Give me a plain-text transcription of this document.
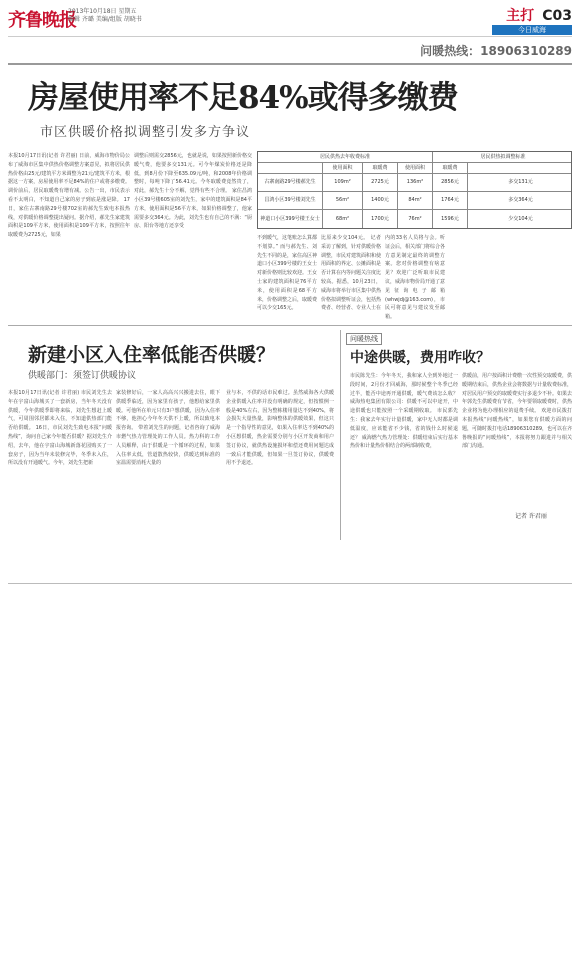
齐鲁晚报
2013年10月18日 星期五
编辑 齐璐 美编/组版 胡晓书	主打 C03
今日威海
问暖热线：18906310289
房屋使用率不足84%或得多缴费
市区供暖价格拟调整引发多方争议
本报10月17日讯(记者 许君丽) 日前，威海市物价局公布了威海市区集中供热价格调整方案意见，拟将居民供热价格由25元/建筑平方米调整为21元/建筑平方米，根据这一方案，房屋使用率不足84%的住户或将多缴费。调价前后，居民取暖费有增有减。公告一出，市民表示看不太明白，不知道自己家的房子到底是涨是降。 17日，家住古寨南路29号楼702室的郝先生致电本报热线，对供暖价格调整提出疑问。据介绍，郝先生家建筑面积是109平方米，使用面积是109平方米，按照往年取暖费为2725元，如果
调整后则需交2856元，也就是说，如果按照新价格交暖气费，他要多交131元。可今年煤炭价格还是降低，到8月份下降至635.09元/吨，和2008年价格调整时，每吨下降了56.41元。今冬取暖费竟然贵了，对此，郝先生十分不解，觉得有些不合理。 家住昌鸿小区39号楼605室的刘先生，家中的建筑面积是84平方米，使用面积是56平方米，如果价格调整了，他家需要多交364元。为此，刘先生也有自己的不满：“厨房、阳台等地方还享受
不到暖气，这笔账怎么算都不划算。” 而与郝先生、刘先生不同的是，家住高区神道口小区399号楼的王女士对新价格则比较欢迎。王女士家的建筑面积是76平方米，使用面积是68平方米，价格调整之后，取暖费可以少交165元。
比原来少交104元。 记者采访了解到，针对供暖价格调整，市民对建筑面积和使用面积的界定、公摊面积是否计算在内等问题关注度比较高。据悉，10月23日，威海市将举行市区集中供热价格拟调整听证会，包括热费者、经营者、专业人士在
内的33名人员将与会。听证会后，相关部门将综合各方意见制定最终的调整方案。您对价格调整有啥意见？欢迎广泛听取市民建议，威海市物价局开通了意见征询电子邮箱(whwjdj@163.com)，市民可将意见与建议发至邮箱。
居民供热去年收费标准	居民供热拟调整标准
使用面积	取暖费	使用面积	取暖费
古寨南路29号楼郝先生	109m²	2725元	136m²	2856元	多交131元
昌鸿小区39号楼刘先生	56m²	1400元	84m²	1764元	多交364元
神道口小区399号楼王女士	68m²	1700元	76m²	1596元	少交104元
新建小区入住率低能否供暖？
供暖部门：须签订供暖协议
本报10月17日讯(记者 许君丽) 市民刘先生去年在宇富山海城买了一套新房，当年冬天没有供暖，今年供暖季即将来临，刘先生想赶上暖气，可周围邻居都未入住，不知道供热部门能否给供暖。 16日，市民刘先生致电本报“问暖热线”，询问自己家今年能否供暖？据刘先生介绍，去年，他在宇富山海城新落花园购买了一套房子，因为当年未装修完毕，冬季未入住，所以没有开通暖气。今年，刘先生把新
家装修好后，一家人高高兴兴搬进去住，眼下供暖季临近，因为家里有孩子，他想给家里供暖。可他所在单元只有3户想供暖，因为入住率不够，他担心今年冬天供不上暖，所以致电本报咨询。 带着刘先生的问题，记者咨询了威海市燃气热力管理处的工作人员。热力科的工作人员解释，由于供暖是一个循环的过程，如果入住率太低，管道散热较快，供暖达到标准的室温需要消耗大量的
业与本，不供的话市民难过。虽然威海各大供暖企业供暖入住率并没有明确的规定，但按惯例一般是40%左右，因为整栋楼用量达不到40%，将会损失大量热量，影响整体的供暖效果，但这只是一个指导性的意见，如果入住率达不到40%的小区想供暖，热企需要分别与小区开发商和用户签订协议，就供热设施损坏和偿还费用问题达成一致后才能供暖，但如果一旦签订协议，供暖费用不予退还。
问暖热线
中途供暖，费用咋收？
市民陈先生：今年冬天，我和家人全到外地过一段时间，2月份才回威海，那时候整个冬季已经过半，能否中途再开通供暖，暖气费该怎么收？ 威海热电集团有限公司：供暖不可以中途开，中途供暖也只能按照一个采暖期收取。 市民郭先生：我家去年实行计量供暖，家中无人时都是调低温度，应该能省不少钱，省的钱什么时候退还？ 威海燃气热力管理处：供暖结束后实行基本热价和计量热价相结合的两部制收费，
供暖前，用户按面积计费缴一次性预交取暖费，供暖期结束后，供热企业会将数据与计量收费标准，对居民用户预交的取暖费实行多退少不补。如果去年郭先生供暖费有节省，今年要领取暖费时，供热企业将为他办理相应的退费手续。 欢迎市民拨打本报热线“问暖热线”，如果您有供暖方面的问题，可随时拨打电话18906310289，也可以在齐鲁晚报的“问暖热线”，本报将努力跟进并与相关部门沟通。
记者 许君丽
